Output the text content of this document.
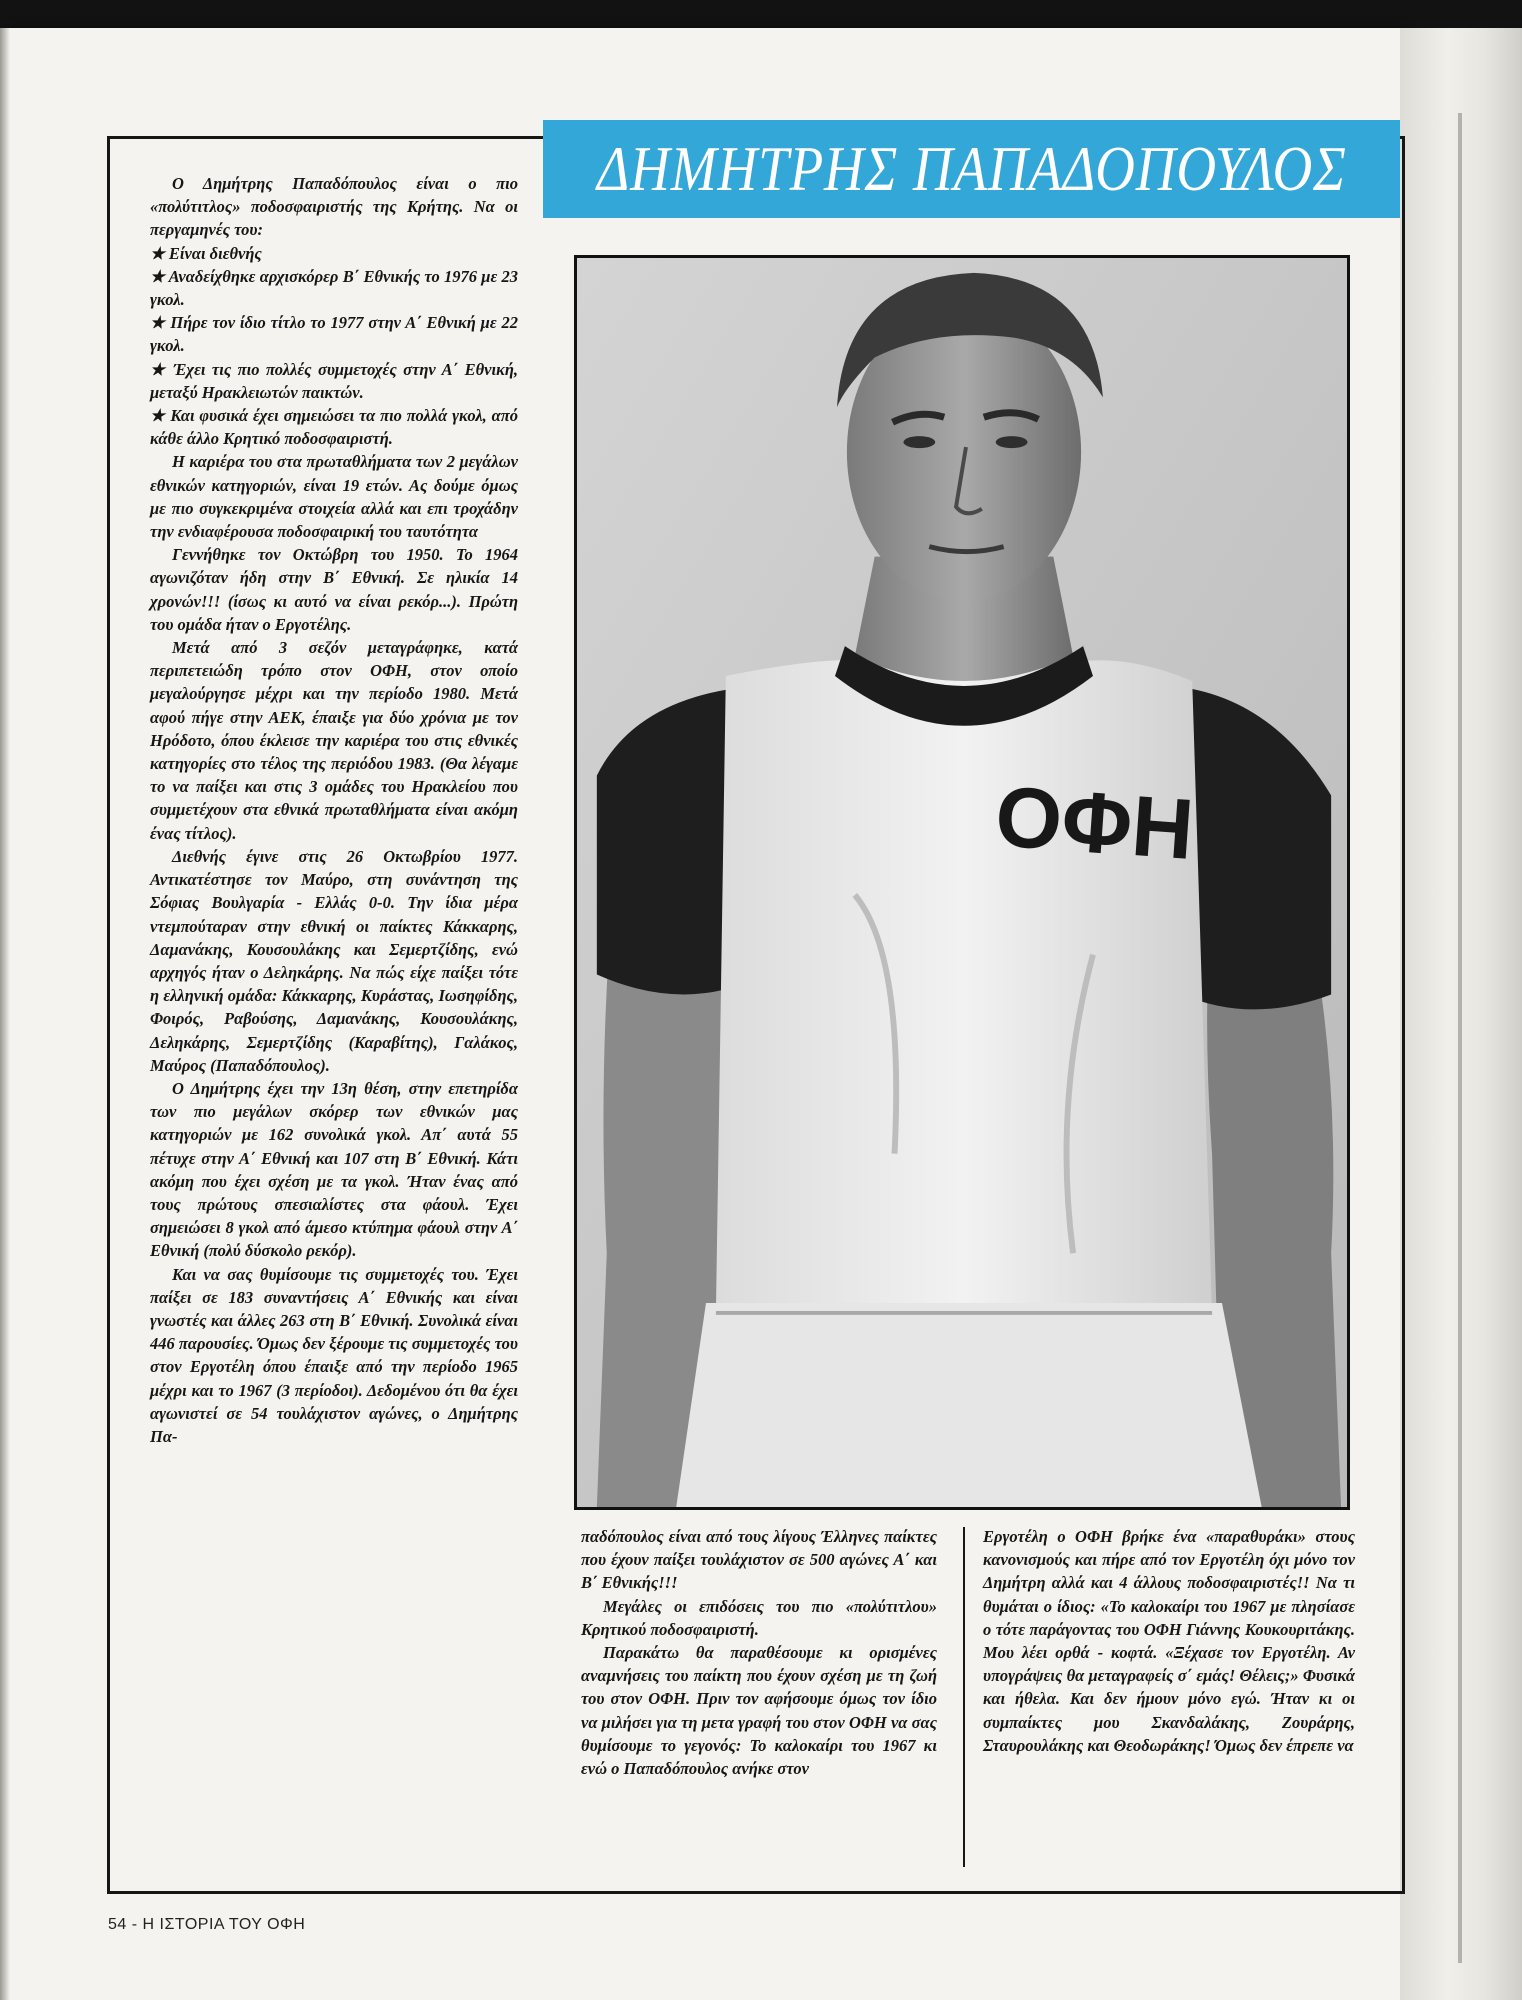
ΔΗΜΗΤΡΗΣ ΠΑΠΑΔΟΠΟΥΛΟΣ

Ο Δημήτρης Παπαδόπουλος είναι ο πιο «πολύτιτλος» ποδοσφαιριστής της Κρήτης. Να οι περγαμηνές του:

★ Είναι διεθνής

★ Αναδείχθηκε αρχισκόρερ Β΄ Εθνικής το 1976 με 23 γκολ.

★ Πήρε τον ίδιο τίτλο το 1977 στην Α΄ Εθνική με 22 γκολ.

★ Έχει τις πιο πολλές συμμετοχές στην Α΄ Εθνική, μεταξύ Ηρακλειωτών παικτών.

★ Και φυσικά έχει σημειώσει τα πιο πολλά γκολ, από κάθε άλλο Κρητικό ποδοσφαιριστή.

Η καριέρα του στα πρωταθλήματα των 2 μεγάλων εθνικών κατηγοριών, είναι 19 ετών. Ας δούμε όμως με πιο συγκεκριμένα στοιχεία αλλά και επι τροχάδην την ενδιαφέρουσα ποδοσφαιρική του ταυτότητα

Γεννήθηκε τον Οκτώβρη του 1950. Το 1964 αγωνιζόταν ήδη στην Β΄ Εθνική. Σε ηλικία 14 χρονών!!! (ίσως κι αυτό να είναι ρεκόρ...). Πρώτη του ομάδα ήταν ο Εργοτέλης.

Μετά από 3 σεζόν μεταγράφηκε, κατά περιπετειώδη τρόπο στον ΟΦΗ, στον οποίο μεγαλούργησε μέχρι και την περίοδο 1980. Μετά αφού πήγε στην ΑΕΚ, έπαιξε για δύο χρόνια με τον Ηρόδοτο, όπου έκλεισε την καριέρα του στις εθνικές κατηγορίες στο τέλος της περιόδου 1983. (Θα λέγαμε το να παίξει και στις 3 ομάδες του Ηρακλείου που συμμετέχουν στα εθνικά πρωταθλήματα είναι ακόμη ένας τίτλος).

Διεθνής έγινε στις 26 Οκτωβρίου 1977. Αντικατέστησε τον Μαύρο, στη συνάντηση της Σόφιας Βουλγαρία - Ελλάς 0-0. Την ίδια μέρα ντεμπούταραν στην εθνική οι παίκτες Κάκκαρης, Δαμανάκης, Κουσουλάκης και Σεμερτζίδης, ενώ αρχηγός ήταν ο Δεληκάρης. Να πώς είχε παίξει τότε η ελληνική ομάδα: Κάκκαρης, Κυράστας, Ιωσηφίδης, Φοιρός, Ραβούσης, Δαμανάκης, Κουσουλάκης, Δεληκάρης, Σεμερτζίδης (Καραβίτης), Γαλάκος, Μαύρος (Παπαδόπουλος).

Ο Δημήτρης έχει την 13η θέση, στην επετηρίδα των πιο μεγάλων σκόρερ των εθνικών μας κατηγοριών με 162 συνολικά γκολ. Απ΄ αυτά 55 πέτυχε στην Α΄ Εθνική και 107 στη Β΄ Εθνική. Κάτι ακόμη που έχει σχέση με τα γκολ. Ήταν ένας από τους πρώτους σπεσιαλίστες στα φάουλ. Έχει σημειώσει 8 γκολ από άμεσο κτύπημα φάουλ στην Α΄ Εθνική (πολύ δύσκολο ρεκόρ).

Και να σας θυμίσουμε τις συμμετοχές του. Έχει παίξει σε 183 συναντήσεις Α΄ Εθνικής και είναι γνωστές και άλλες 263 στη Β΄ Εθνική. Συνολικά είναι 446 παρουσίες. Όμως δεν ξέρουμε τις συμμετοχές του στον Εργοτέλη όπου έπαιξε από την περίοδο 1965 μέχρι και το 1967 (3 περίοδοι). Δεδομένου ότι θα έχει αγωνιστεί σε 54 τουλάχιστον αγώνες, ο Δημήτρης Πα-

ΟΦΗ

παδόπουλος είναι από τους λίγους Έλληνες παίκτες που έχουν παίξει τουλάχιστον σε 500 αγώνες Α΄ και Β΄ Εθνικής!!!

Μεγάλες οι επιδόσεις του πιο «πολύτιτλου» Κρητικού ποδοσφαιριστή.

Παρακάτω θα παραθέσουμε κι ορισμένες αναμνήσεις του παίκτη που έχουν σχέση με τη ζωή του στον ΟΦΗ. Πριν τον αφήσουμε όμως τον ίδιο να μιλήσει για τη μετα γραφή του στον ΟΦΗ να σας θυμίσουμε το γεγονός: Το καλοκαίρι του 1967 κι ενώ ο Παπαδόπουλος ανήκε στον

Εργοτέλη ο ΟΦΗ βρήκε ένα «παραθυράκι» στους κανονισμούς και πήρε από τον Εργοτέλη όχι μόνο τον Δημήτρη αλλά και 4 άλλους ποδοσφαιριστές!! Να τι θυμάται ο ίδιος: «Το καλοκαίρι του 1967 με πλησίασε ο τότε παράγοντας του ΟΦΗ Γιάννης Κουκουριτάκης. Μου λέει ορθά - κοφτά. «Ξέχασε τον Εργοτέλη. Αν υπογράψεις θα μεταγραφείς σ΄ εμάς! Θέλεις;» Φυσικά και ήθελα. Και δεν ήμουν μόνο εγώ. Ήταν κι οι συμπαίκτες μου Σκανδαλάκης, Ζουράρης, Σταυρουλάκης και Θεοδωράκης! Όμως δεν έπρεπε να

54 - Η ΙΣΤΟΡΙΑ ΤΟΥ ΟΦΗ
